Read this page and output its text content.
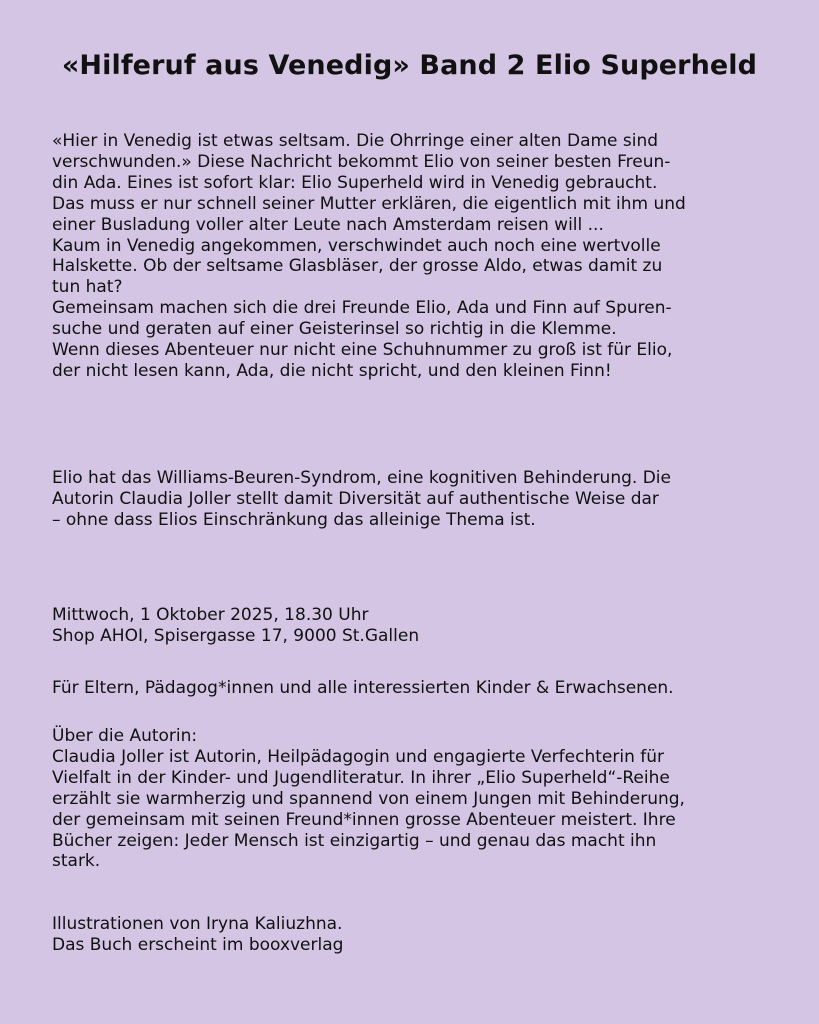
«Hilferuf aus Venedig» Band 2 Elio Superheld
«Hier in Venedig ist etwas seltsam. Die Ohrringe einer alten Dame sind
verschwunden.» Diese Nachricht bekommt Elio von seiner besten Freun-
din Ada. Eines ist sofort klar: Elio Superheld wird in Venedig gebraucht.
Das muss er nur schnell seiner Mutter erklären, die eigentlich mit ihm und
einer Busladung voller alter Leute nach Amsterdam reisen will ...
Kaum in Venedig angekommen, verschwindet auch noch eine wertvolle
Halskette. Ob der seltsame Glasbläser, der grosse Aldo, etwas damit zu
tun hat?
Gemeinsam machen sich die drei Freunde Elio, Ada und Finn auf Spuren-
suche und geraten auf einer Geisterinsel so richtig in die Klemme.
Wenn dieses Abenteuer nur nicht eine Schuhnummer zu groß ist für Elio,
der nicht lesen kann, Ada, die nicht spricht, und den kleinen Finn!
Elio hat das Williams-Beuren-Syndrom, eine kognitiven Behinderung. Die
Autorin Claudia Joller stellt damit Diversität auf authentische Weise dar
– ohne dass Elios Einschränkung das alleinige Thema ist.
Mittwoch, 1 Oktober 2025, 18.30 Uhr
Shop AHOI, Spisergasse 17, 9000 St.Gallen
Für Eltern, Pädagog*innen und alle interessierten Kinder & Erwachsenen.
Über die Autorin:
Claudia Joller ist Autorin, Heilpädagogin und engagierte Verfechterin für
Vielfalt in der Kinder- und Jugendliteratur. In ihrer „Elio Superheld“-Reihe
erzählt sie warmherzig und spannend von einem Jungen mit Behinderung,
der gemeinsam mit seinen Freund*innen grosse Abenteuer meistert. Ihre
Bücher zeigen: Jeder Mensch ist einzigartig – und genau das macht ihn
stark.
Illustrationen von Iryna Kaliuzhna.
Das Buch erscheint im booxverlag
